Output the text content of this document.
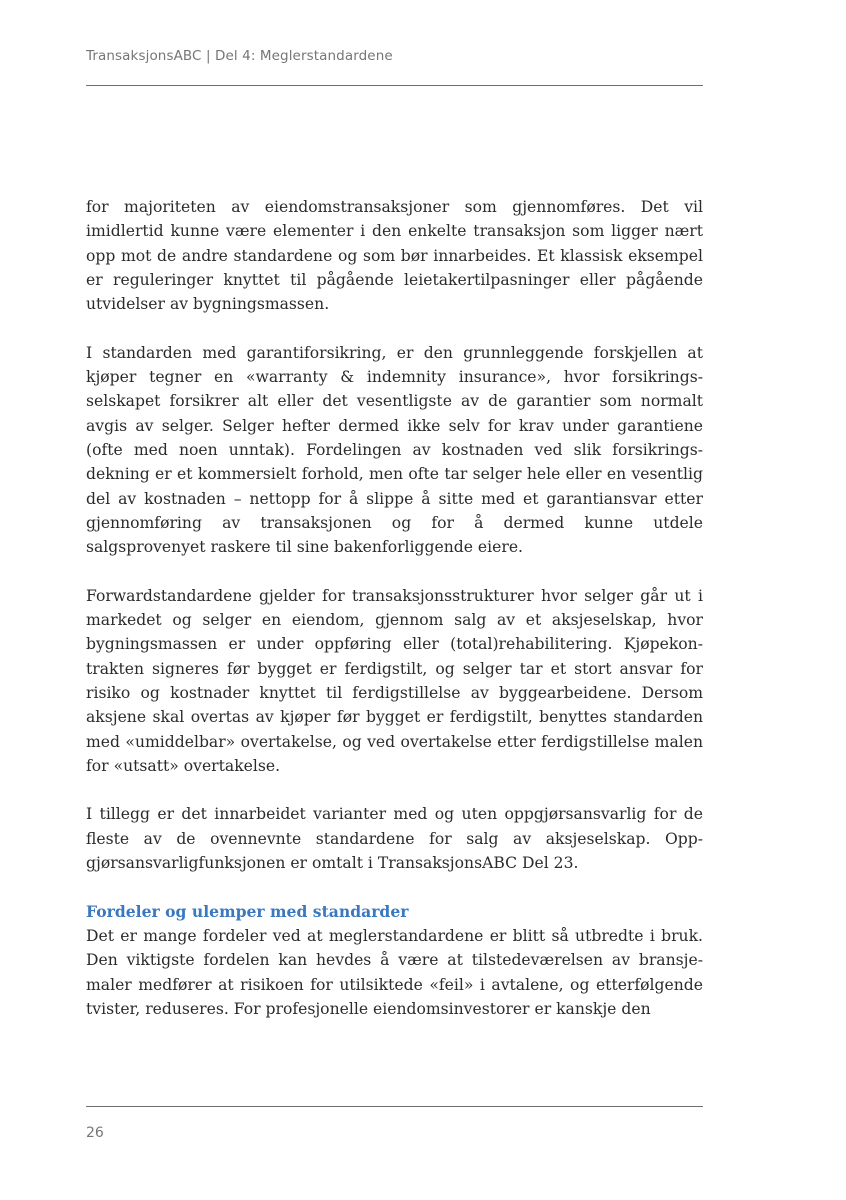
TransaksjonsABC | Del 4: Meglerstandardene

for majoriteten av eiendomstransaksjoner som gjennomføres. Det vil imidlertid kunne være elementer i den enkelte transaksjon som ligger nært opp mot de andre standardene og som bør innarbeides. Et klassisk eksempel er reguleringer knyttet til pågående leietakertilpasninger eller pågående utvidelser av bygningsmassen.

I standarden med garantiforsikring, er den grunnleggende forskjellen at kjøper tegner en «warranty & indemnity insurance», hvor forsikringsselskapet forsikrer alt eller det vesentligste av de garantier som normalt avgis av selger. Selger hefter dermed ikke selv for krav under garantiene (ofte med noen unntak). Fordelingen av kostnaden ved slik forsikringsdekning er et kommersielt forhold, men ofte tar selger hele eller en vesentlig del av kostnaden – nettopp for å slippe å sitte med et garantiansvar etter gjennomføring av transaksjonen og for å dermed kunne utdele salgsprovenyet raskere til sine bakenforliggende eiere.

Forwardstandardene gjelder for transaksjonsstrukturer hvor selger går ut i markedet og selger en eiendom, gjennom salg av et aksjeselskap, hvor bygningsmassen er under oppføring eller (total)rehabilitering. Kjøpekontrakten signeres før bygget er ferdigstilt, og selger tar et stort ansvar for risiko og kostnader knyttet til ferdigstillelse av byggearbeidene. Dersom aksjene skal overtas av kjøper før bygget er ferdigstilt, benyttes standarden med «umiddelbar» overtakelse, og ved overtakelse etter ferdigstillelse malen for «utsatt» overtakelse.

I tillegg er det innarbeidet varianter med og uten oppgjørsansvarlig for de fleste av de ovennevnte standardene for salg av aksjeselskap. Oppgjørsansvarligfunksjonen er omtalt i TransaksjonsABC Del 23.

Fordeler og ulemper med standarder

Det er mange fordeler ved at meglerstandardene er blitt så utbredte i bruk. Den viktigste fordelen kan hevdes å være at tilstedeværelsen av bransjemaler medfører at risikoen for utilsiktede «feil» i avtalene, og etterfølgende tvister, reduseres. For profesjonelle eiendomsinvestorer er kanskje den

26
